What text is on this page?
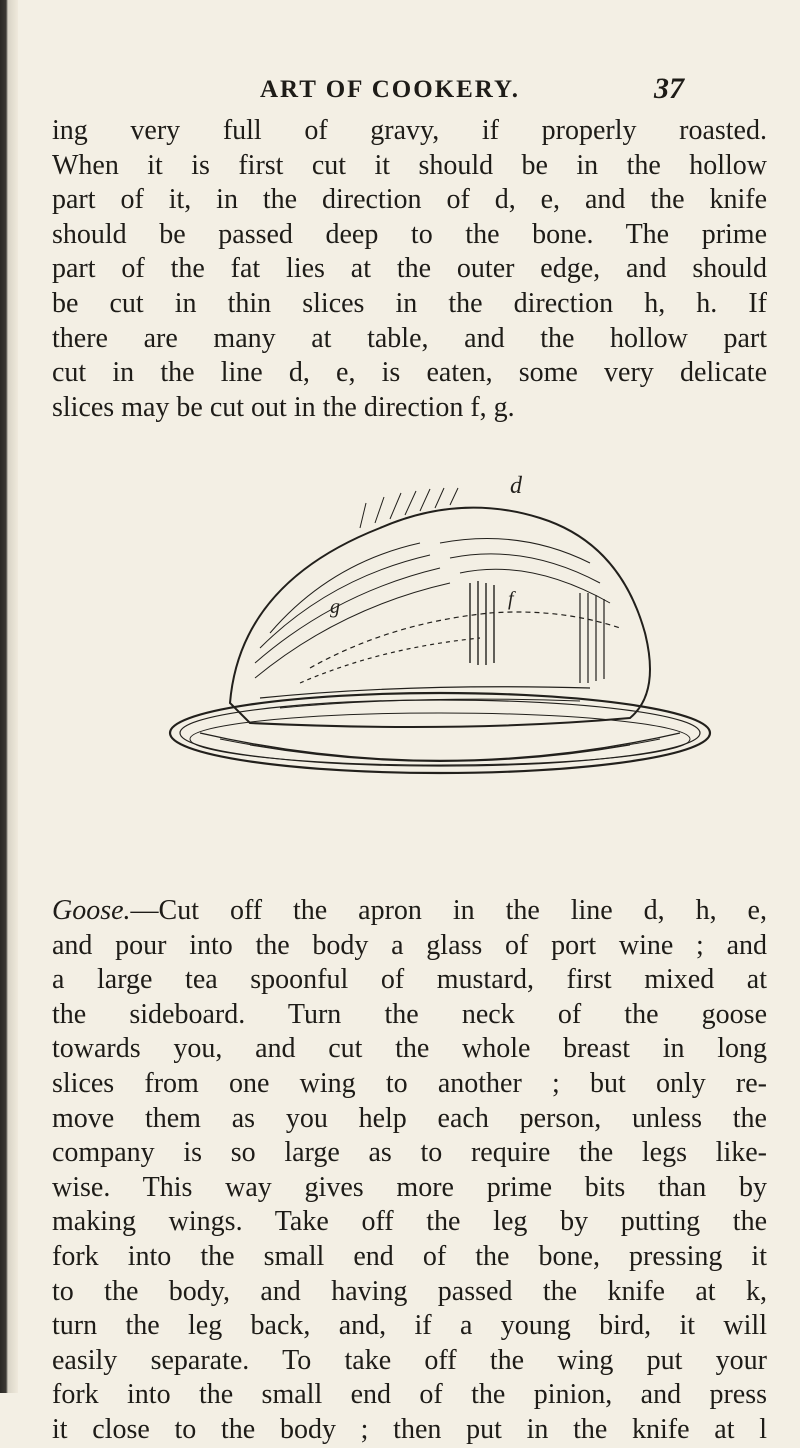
ART OF COOKERY.	37
ing very full of gravy, if properly roasted.
When it is first cut it should be in the hollow
part of it, in the direction of d, e, and the knife
should be passed deep to the bone. The prime
part of the fat lies at the outer edge, and should
be cut in thin slices in the direction h, h. If
there are many at table, and the hollow part
cut in the line d, e, is eaten, some very delicate
slices may be cut out in the direction f, g.
d
g	f
Goose.—Cut off the apron in the line d, h, e,
and pour into the body a glass of port wine ; and
a large tea spoonful of mustard, first mixed at
the sideboard. Turn the neck of the goose
towards you, and cut the whole breast in long
slices from one wing to another ; but only re-
move them as you help each person, unless the
company is so large as to require the legs like-
wise. This way gives more prime bits than by
making wings. Take off the leg by putting the
fork into the small end of the bone, pressing it
to the body, and having passed the knife at k,
turn the leg back, and, if a young bird, it will
easily separate. To take off the wing put your
fork into the small end of the pinion, and press
it close to the body ; then put in the knife at l
